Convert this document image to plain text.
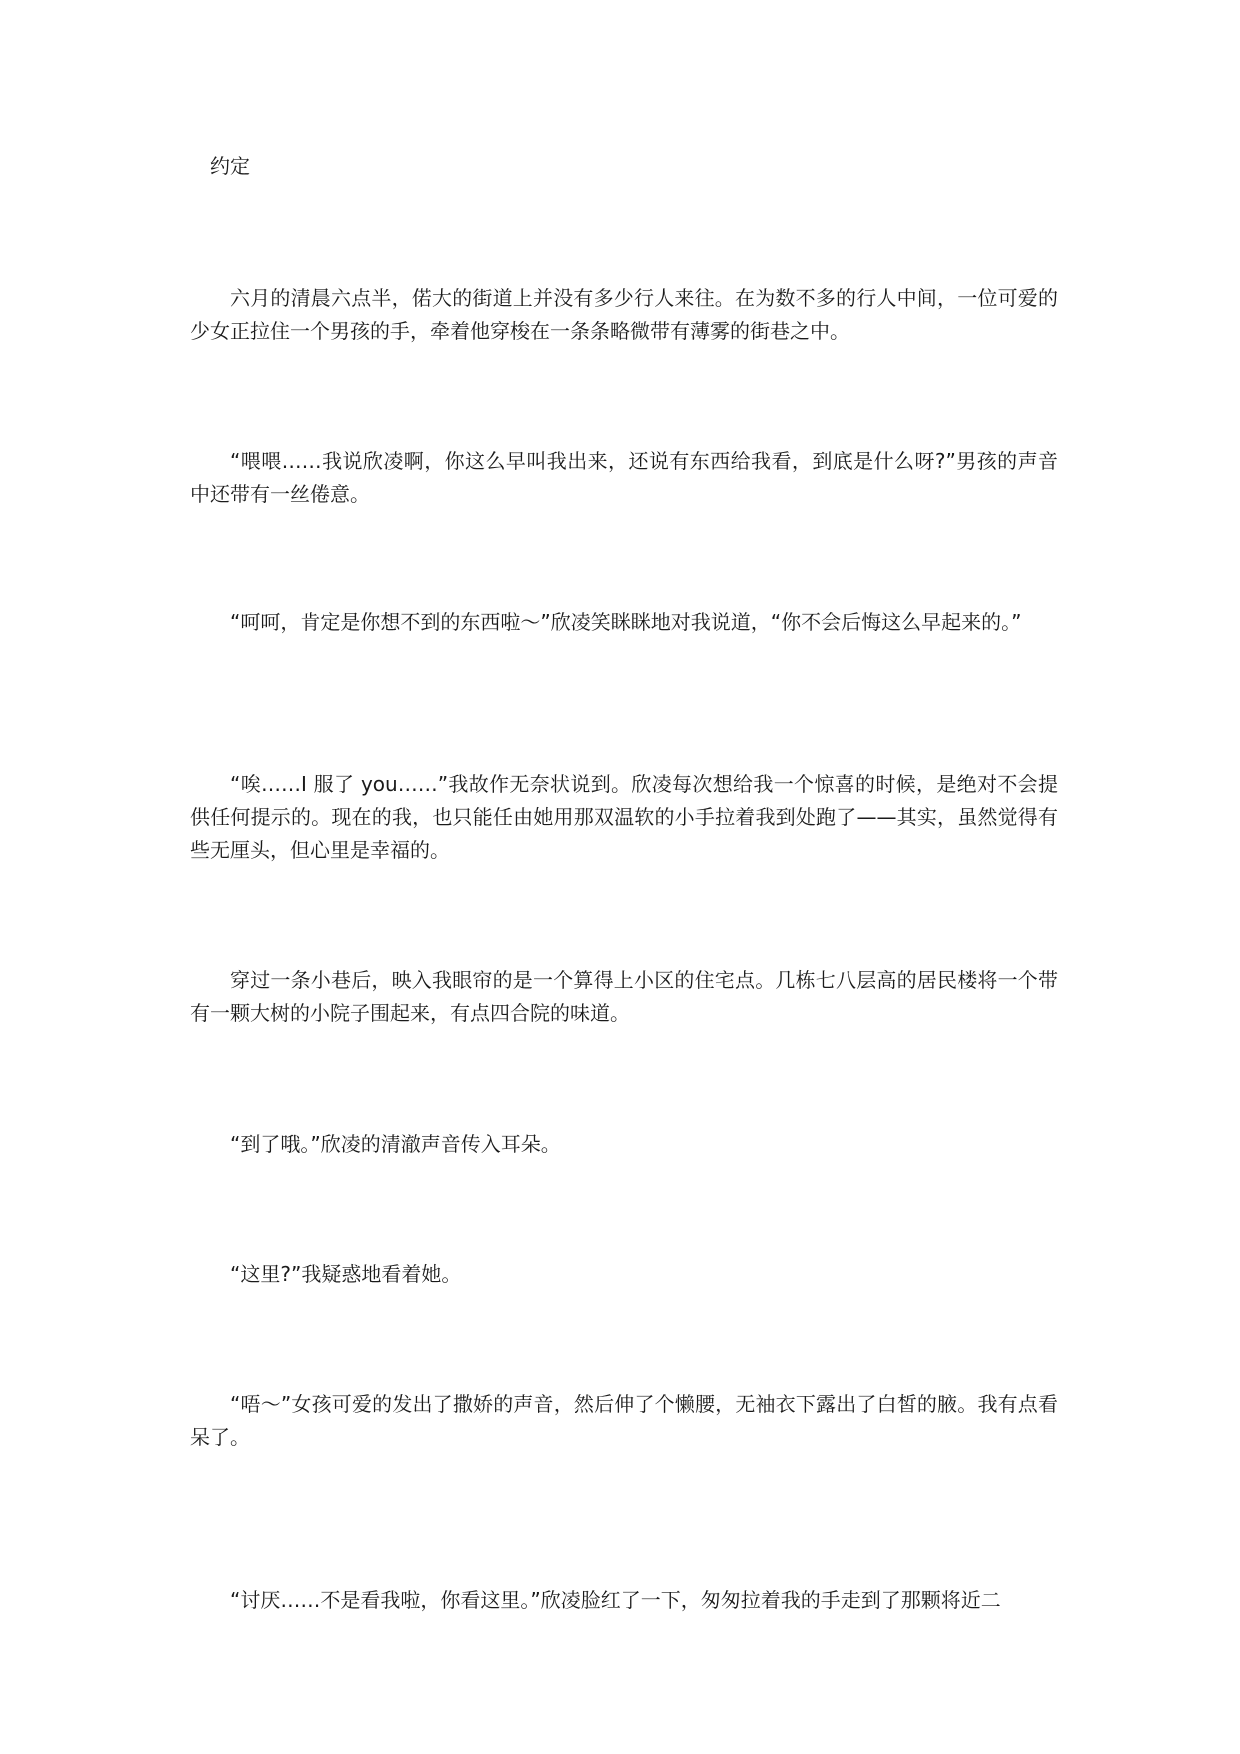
约定

六月的清晨六点半，偌大的街道上并没有多少行人来往。在为数不多的行人中间，一位可爱的少女正拉住一个男孩的手，牵着他穿梭在一条条略微带有薄雾的街巷之中。

“喂喂……我说欣凌啊，你这么早叫我出来，还说有东西给我看，到底是什么呀?”男孩的声音中还带有一丝倦意。

“呵呵，肯定是你想不到的东西啦～”欣凌笑眯眯地对我说道，“你不会后悔这么早起来的。”

“唉……I 服了 you……”我故作无奈状说到。欣凌每次想给我一个惊喜的时候，是绝对不会提供任何提示的。现在的我，也只能任由她用那双温软的小手拉着我到处跑了——其实，虽然觉得有些无厘头，但心里是幸福的。

穿过一条小巷后，映入我眼帘的是一个算得上小区的住宅点。几栋七八层高的居民楼将一个带有一颗大树的小院子围起来，有点四合院的味道。

“到了哦。”欣凌的清澈声音传入耳朵。

“这里?”我疑惑地看着她。

“唔～”女孩可爱的发出了撒娇的声音，然后伸了个懒腰，无袖衣下露出了白皙的腋。我有点看呆了。

“讨厌……不是看我啦，你看这里。”欣凌脸红了一下，匆匆拉着我的手走到了那颗将近二
